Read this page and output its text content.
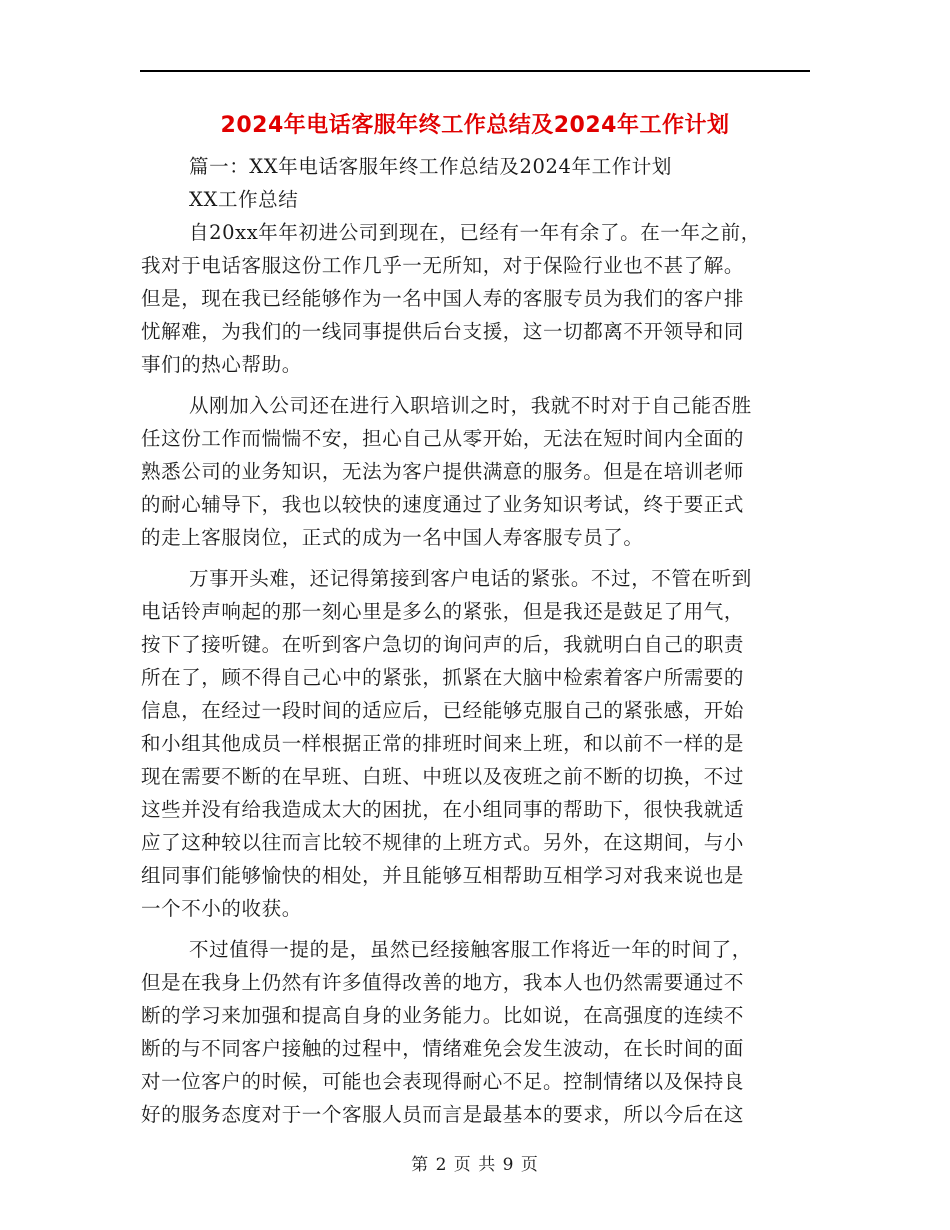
2024年电话客服年终工作总结及2024年工作计划
篇一：XX年电话客服年终工作总结及2024年工作计划
XX工作总结
自20xx年年初进公司到现在，已经有一年有余了。在一年之前，
我对于电话客服这份工作几乎一无所知，对于保险行业也不甚了解。
但是，现在我已经能够作为一名中国人寿的客服专员为我们的客户排
忧解难，为我们的一线同事提供后台支援，这一切都离不开领导和同
事们的热心帮助。
从刚加入公司还在进行入职培训之时，我就不时对于自己能否胜
任这份工作而惴惴不安，担心自己从零开始，无法在短时间内全面的
熟悉公司的业务知识，无法为客户提供满意的服务。但是在培训老师
的耐心辅导下，我也以较快的速度通过了业务知识考试，终于要正式
的走上客服岗位，正式的成为一名中国人寿客服专员了。
万事开头难，还记得第接到客户电话的紧张。不过，不管在听到
电话铃声响起的那一刻心里是多么的紧张，但是我还是鼓足了用气，
按下了接听键。在听到客户急切的询问声的后，我就明白自己的职责
所在了，顾不得自己心中的紧张，抓紧在大脑中检索着客户所需要的
信息，在经过一段时间的适应后，已经能够克服自己的紧张感，开始
和小组其他成员一样根据正常的排班时间来上班，和以前不一样的是
现在需要不断的在早班、白班、中班以及夜班之前不断的切换，不过
这些并没有给我造成太大的困扰，在小组同事的帮助下，很快我就适
应了这种较以往而言比较不规律的上班方式。另外，在这期间，与小
组同事们能够愉快的相处，并且能够互相帮助互相学习对我来说也是
一个不小的收获。
不过值得一提的是，虽然已经接触客服工作将近一年的时间了，
但是在我身上仍然有许多值得改善的地方，我本人也仍然需要通过不
断的学习来加强和提高自身的业务能力。比如说，在高强度的连续不
断的与不同客户接触的过程中，情绪难免会发生波动，在长时间的面
对一位客户的时候，可能也会表现得耐心不足。控制情绪以及保持良
好的服务态度对于一个客服人员而言是最基本的要求，所以今后在这
第 2 页 共 9 页
